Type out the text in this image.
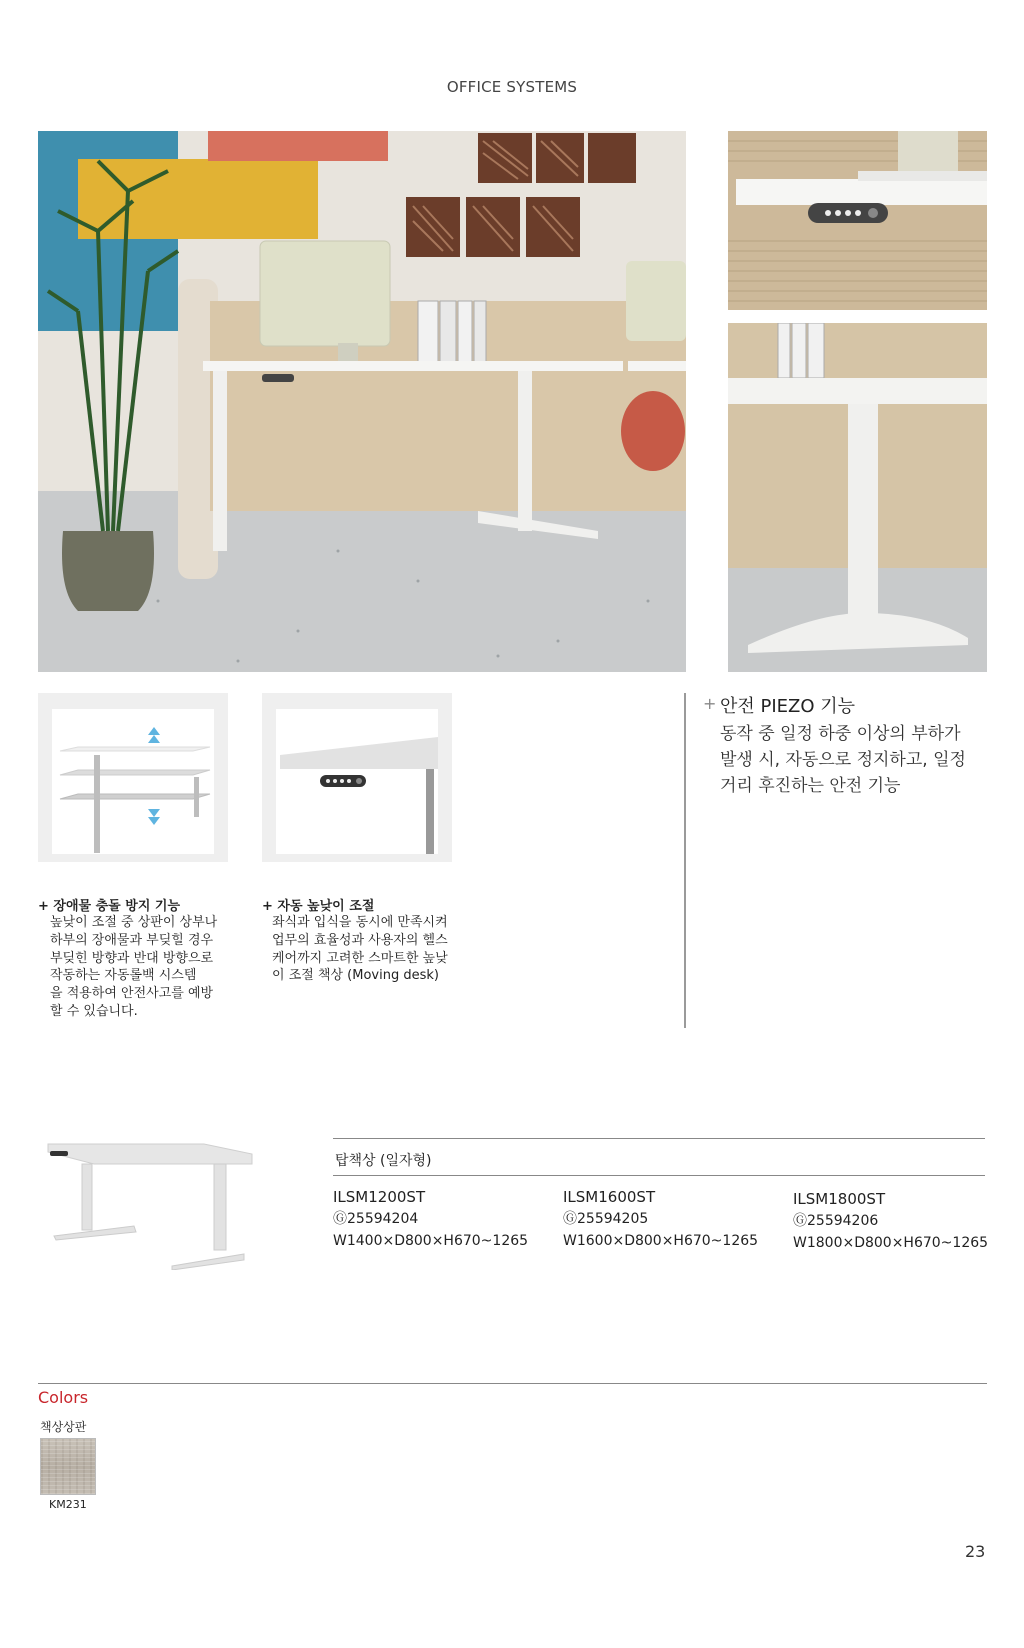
OFFICE SYSTEMS
+ 장애물 충돌 방지 기능
높낮이 조절 중 상판이 상부나
하부의 장애물과 부딪힐 경우
부딪힌 방향과 반대 방향으로
작동하는 자동롤백 시스템
을 적용하여 안전사고를 예방
할 수 있습니다.
+ 자동 높낮이 조절
좌식과 입식을 동시에 만족시켜
업무의 효율성과 사용자의 헬스
케어까지 고려한 스마트한 높낮
이 조절 책상 (Moving desk)
+ 안전 PIEZO 기능
동작 중 일정 하중 이상의 부하가
발생 시, 자동으로 정지하고, 일정
거리 후진하는 안전 기능
탑책상 (일자형)
ILSM1200ST
Ⓖ25594204
W1400×D800×H670~1265
ILSM1600ST
Ⓖ25594205
W1600×D800×H670~1265
ILSM1800ST
Ⓖ25594206
W1800×D800×H670~1265
Colors
책상상판
KM231
23
